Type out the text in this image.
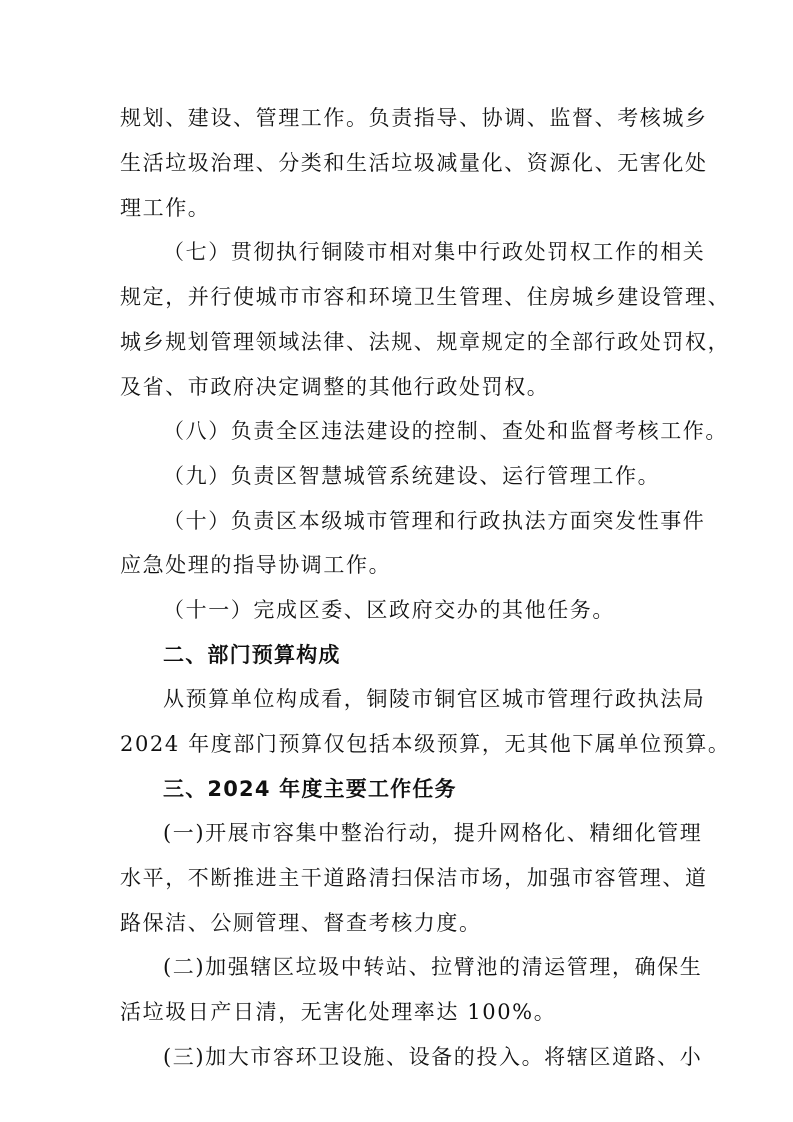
规划、建设、管理工作。负责指导、协调、监督、考核城乡
生活垃圾治理、分类和生活垃圾减量化、资源化、无害化处
理工作。
（七）贯彻执行铜陵市相对集中行政处罚权工作的相关
规定，并行使城市市容和环境卫生管理、住房城乡建设管理、
城乡规划管理领域法律、法规、规章规定的全部行政处罚权，
及省、市政府决定调整的其他行政处罚权。
（八）负责全区违法建设的控制、查处和监督考核工作。
（九）负责区智慧城管系统建设、运行管理工作。
（十）负责区本级城市管理和行政执法方面突发性事件
应急处理的指导协调工作。
（十一）完成区委、区政府交办的其他任务。
二、部门预算构成
从预算单位构成看，铜陵市铜官区城市管理行政执法局
2024 年度部门预算仅包括本级预算，无其他下属单位预算。
三、2024 年度主要工作任务
(一)开展市容集中整治行动，提升网格化、精细化管理
水平，不断推进主干道路清扫保洁市场，加强市容管理、道
路保洁、公厕管理、督查考核力度。
(二)加强辖区垃圾中转站、拉臂池的清运管理，确保生
活垃圾日产日清，无害化处理率达 100%。
(三)加大市容环卫设施、设备的投入。将辖区道路、小
